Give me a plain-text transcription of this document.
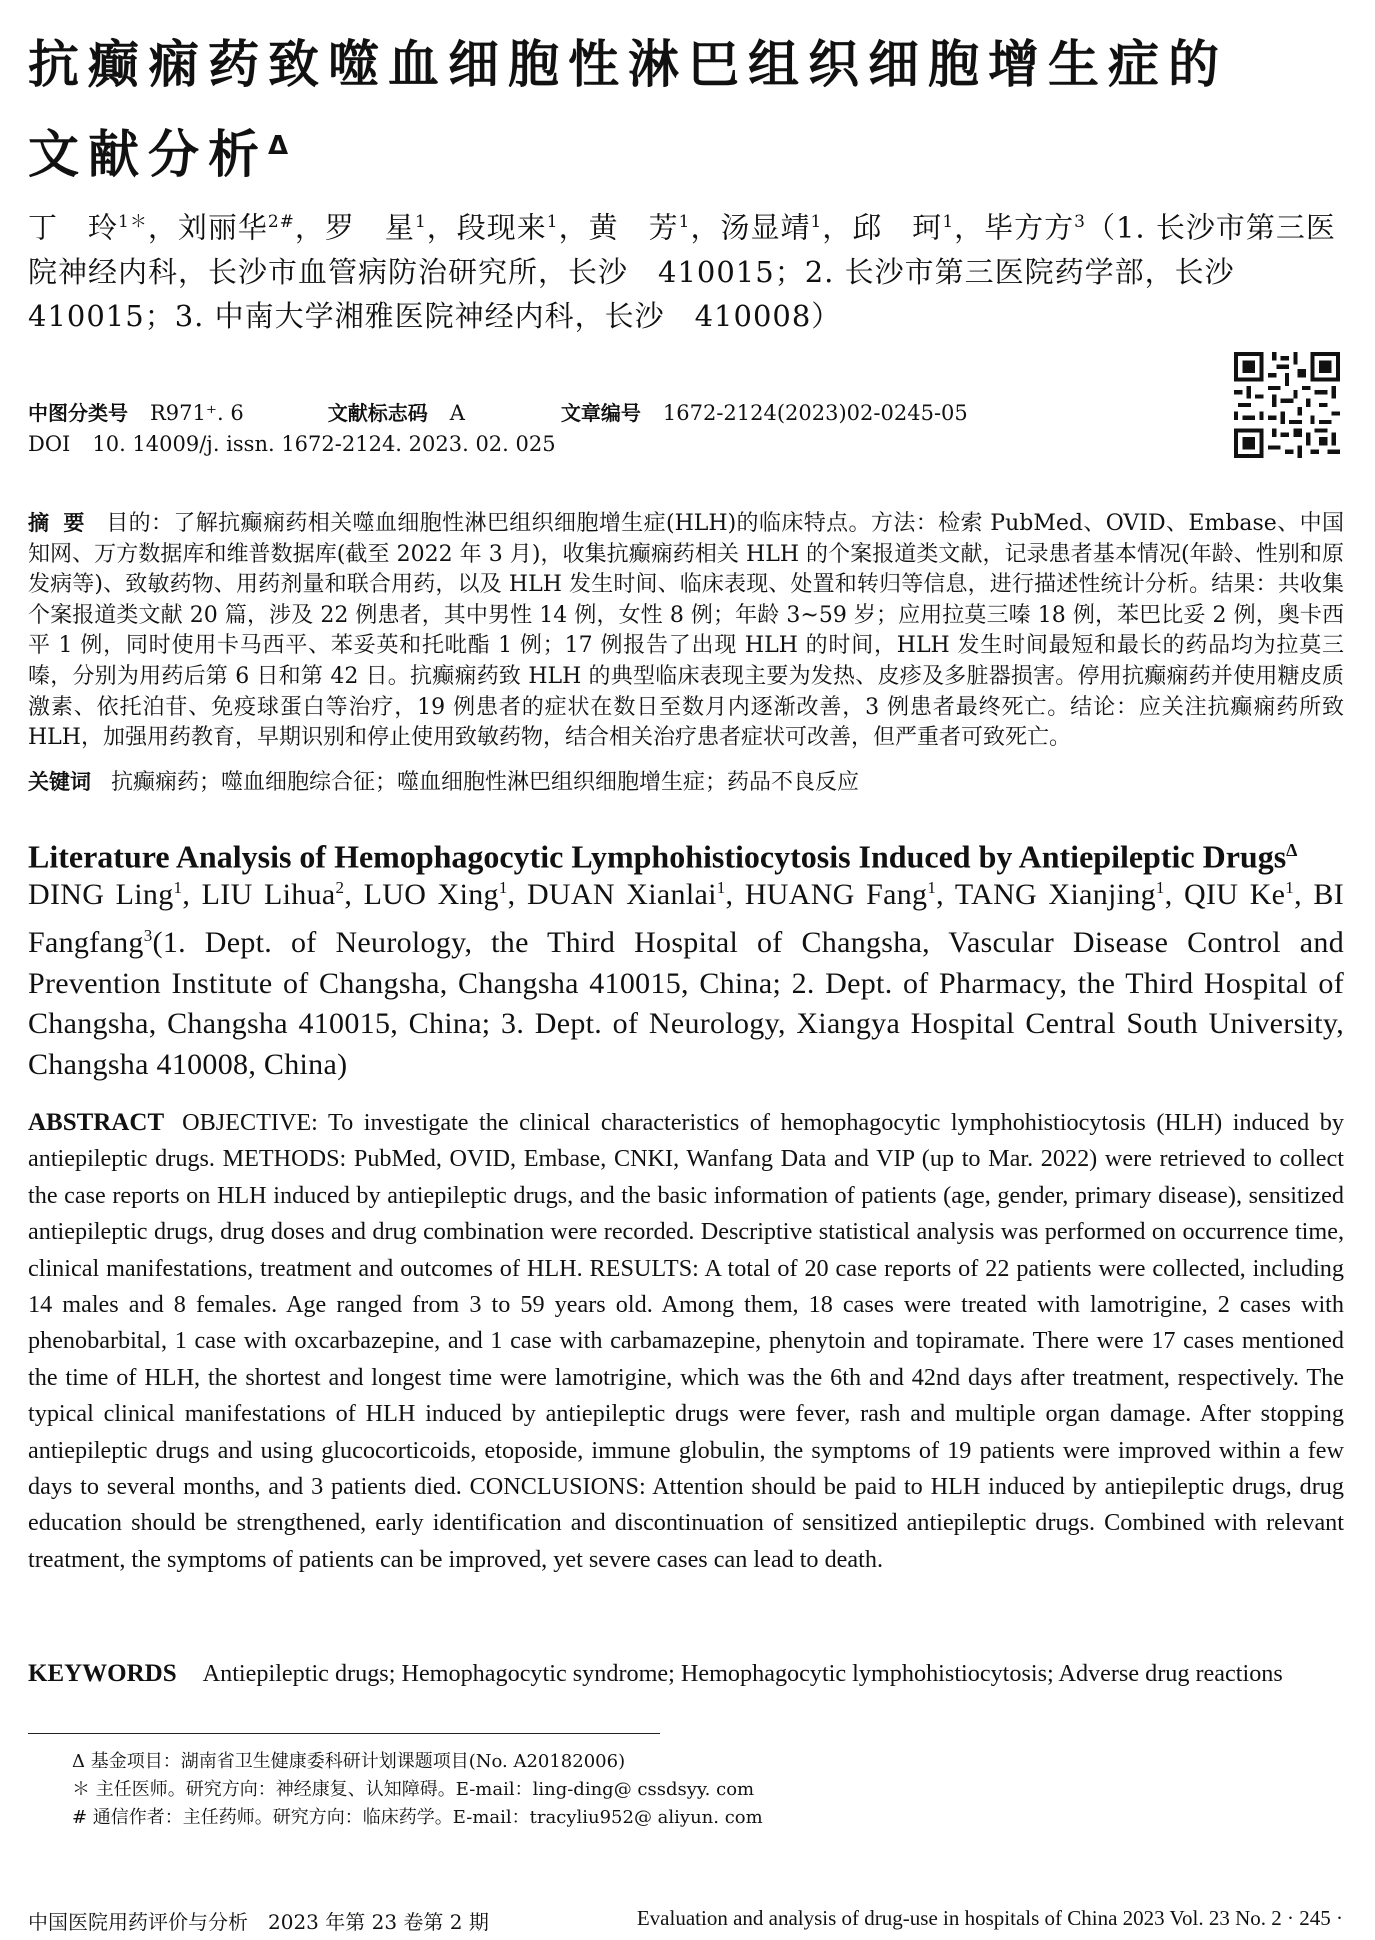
抗癫痫药致噬血细胞性淋巴组织细胞增生症的
文献分析$^\Delta$
丁　玲$^{1*}$，刘丽华$^{2\#}$，罗　星$^1$，段现来$^1$，黄　芳$^1$，汤显靖$^1$，邱　珂$^1$，毕方方$^3$（1. 长沙市第三医院神经内科，长沙市血管病防治研究所，长沙　410015；2. 长沙市第三医院药学部，长沙　410015；3. 中南大学湘雅医院神经内科，长沙　410008）
中图分类号 R971⁺. 6	文献标志码 A	文章编号 1672-2124(2023)02-0245-05
DOI 10. 14009/j. issn. 1672-2124. 2023. 02. 025
摘要 目的：了解抗癫痫药相关噬血细胞性淋巴组织细胞增生症(HLH)的临床特点。方法：检索 PubMed、OVID、Embase、中国知网、万方数据库和维普数据库(截至 2022 年 3 月)，收集抗癫痫药相关 HLH 的个案报道类文献，记录患者基本情况(年龄、性别和原发病等)、致敏药物、用药剂量和联合用药，以及 HLH 发生时间、临床表现、处置和转归等信息，进行描述性统计分析。结果：共收集个案报道类文献 20 篇，涉及 22 例患者，其中男性 14 例，女性 8 例；年龄 3~59 岁；应用拉莫三嗪 18 例，苯巴比妥 2 例，奥卡西平 1 例，同时使用卡马西平、苯妥英和托吡酯 1 例；17 例报告了出现 HLH 的时间，HLH 发生时间最短和最长的药品均为拉莫三嗪，分别为用药后第 6 日和第 42 日。抗癫痫药致 HLH 的典型临床表现主要为发热、皮疹及多脏器损害。停用抗癫痫药并使用糖皮质激素、依托泊苷、免疫球蛋白等治疗，19 例患者的症状在数日至数月内逐渐改善，3 例患者最终死亡。结论：应关注抗癫痫药所致 HLH，加强用药教育，早期识别和停止使用致敏药物，结合相关治疗患者症状可改善，但严重者可致死亡。
关键词 抗癫痫药；噬血细胞综合征；噬血细胞性淋巴组织细胞增生症；药品不良反应
Literature Analysis of Hemophagocytic Lymphohistiocytosis Induced by Antiepileptic Drugs$^\Delta$
DING Ling$^1$, LIU Lihua$^2$, LUO Xing$^1$, DUAN Xianlai$^1$, HUANG Fang$^1$, TANG Xianjing$^1$, QIU Ke$^1$, BI Fangfang$^3$(1. Dept. of Neurology, the Third Hospital of Changsha, Vascular Disease Control and Prevention Institute of Changsha, Changsha 410015, China; 2. Dept. of Pharmacy, the Third Hospital of Changsha, Changsha 410015, China; 3. Dept. of Neurology, Xiangya Hospital Central South University, Changsha 410008, China)
ABSTRACT OBJECTIVE: To investigate the clinical characteristics of hemophagocytic lymphohistiocytosis (HLH) induced by antiepileptic drugs. METHODS: PubMed, OVID, Embase, CNKI, Wanfang Data and VIP (up to Mar. 2022) were retrieved to collect the case reports on HLH induced by antiepileptic drugs, and the basic information of patients (age, gender, primary disease), sensitized antiepileptic drugs, drug doses and drug combination were recorded. Descriptive statistical analysis was performed on occurrence time, clinical manifestations, treatment and outcomes of HLH. RESULTS: A total of 20 case reports of 22 patients were collected, including 14 males and 8 females. Age ranged from 3 to 59 years old. Among them, 18 cases were treated with lamotrigine, 2 cases with phenobarbital, 1 case with oxcarbazepine, and 1 case with carbamazepine, phenytoin and topiramate. There were 17 cases mentioned the time of HLH, the shortest and longest time were lamotrigine, which was the 6th and 42nd days after treatment, respectively. The typical clinical manifestations of HLH induced by antiepileptic drugs were fever, rash and multiple organ damage. After stopping antiepileptic drugs and using glucocorticoids, etoposide, immune globulin, the symptoms of 19 patients were improved within a few days to several months, and 3 patients died. CONCLUSIONS: Attention should be paid to HLH induced by antiepileptic drugs, drug education should be strengthened, early identification and discontinuation of sensitized antiepileptic drugs. Combined with relevant treatment, the symptoms of patients can be improved, yet severe cases can lead to death.
KEYWORDS Antiepileptic drugs; Hemophagocytic syndrome; Hemophagocytic lymphohistiocytosis; Adverse drug reactions
Δ 基金项目：湖南省卫生健康委科研计划课题项目(No. A20182006)
＊ 主任医师。研究方向：神经康复、认知障碍。E-mail：ling-ding@ cssdsyy. com
# 通信作者：主任药师。研究方向：临床药学。E-mail：tracyliu952@ aliyun. com
中国医院用药评价与分析　2023 年第 23 卷第 2 期	Evaluation and analysis of drug-use in hospitals of China 2023 Vol. 23 No. 2 · 245 ·
